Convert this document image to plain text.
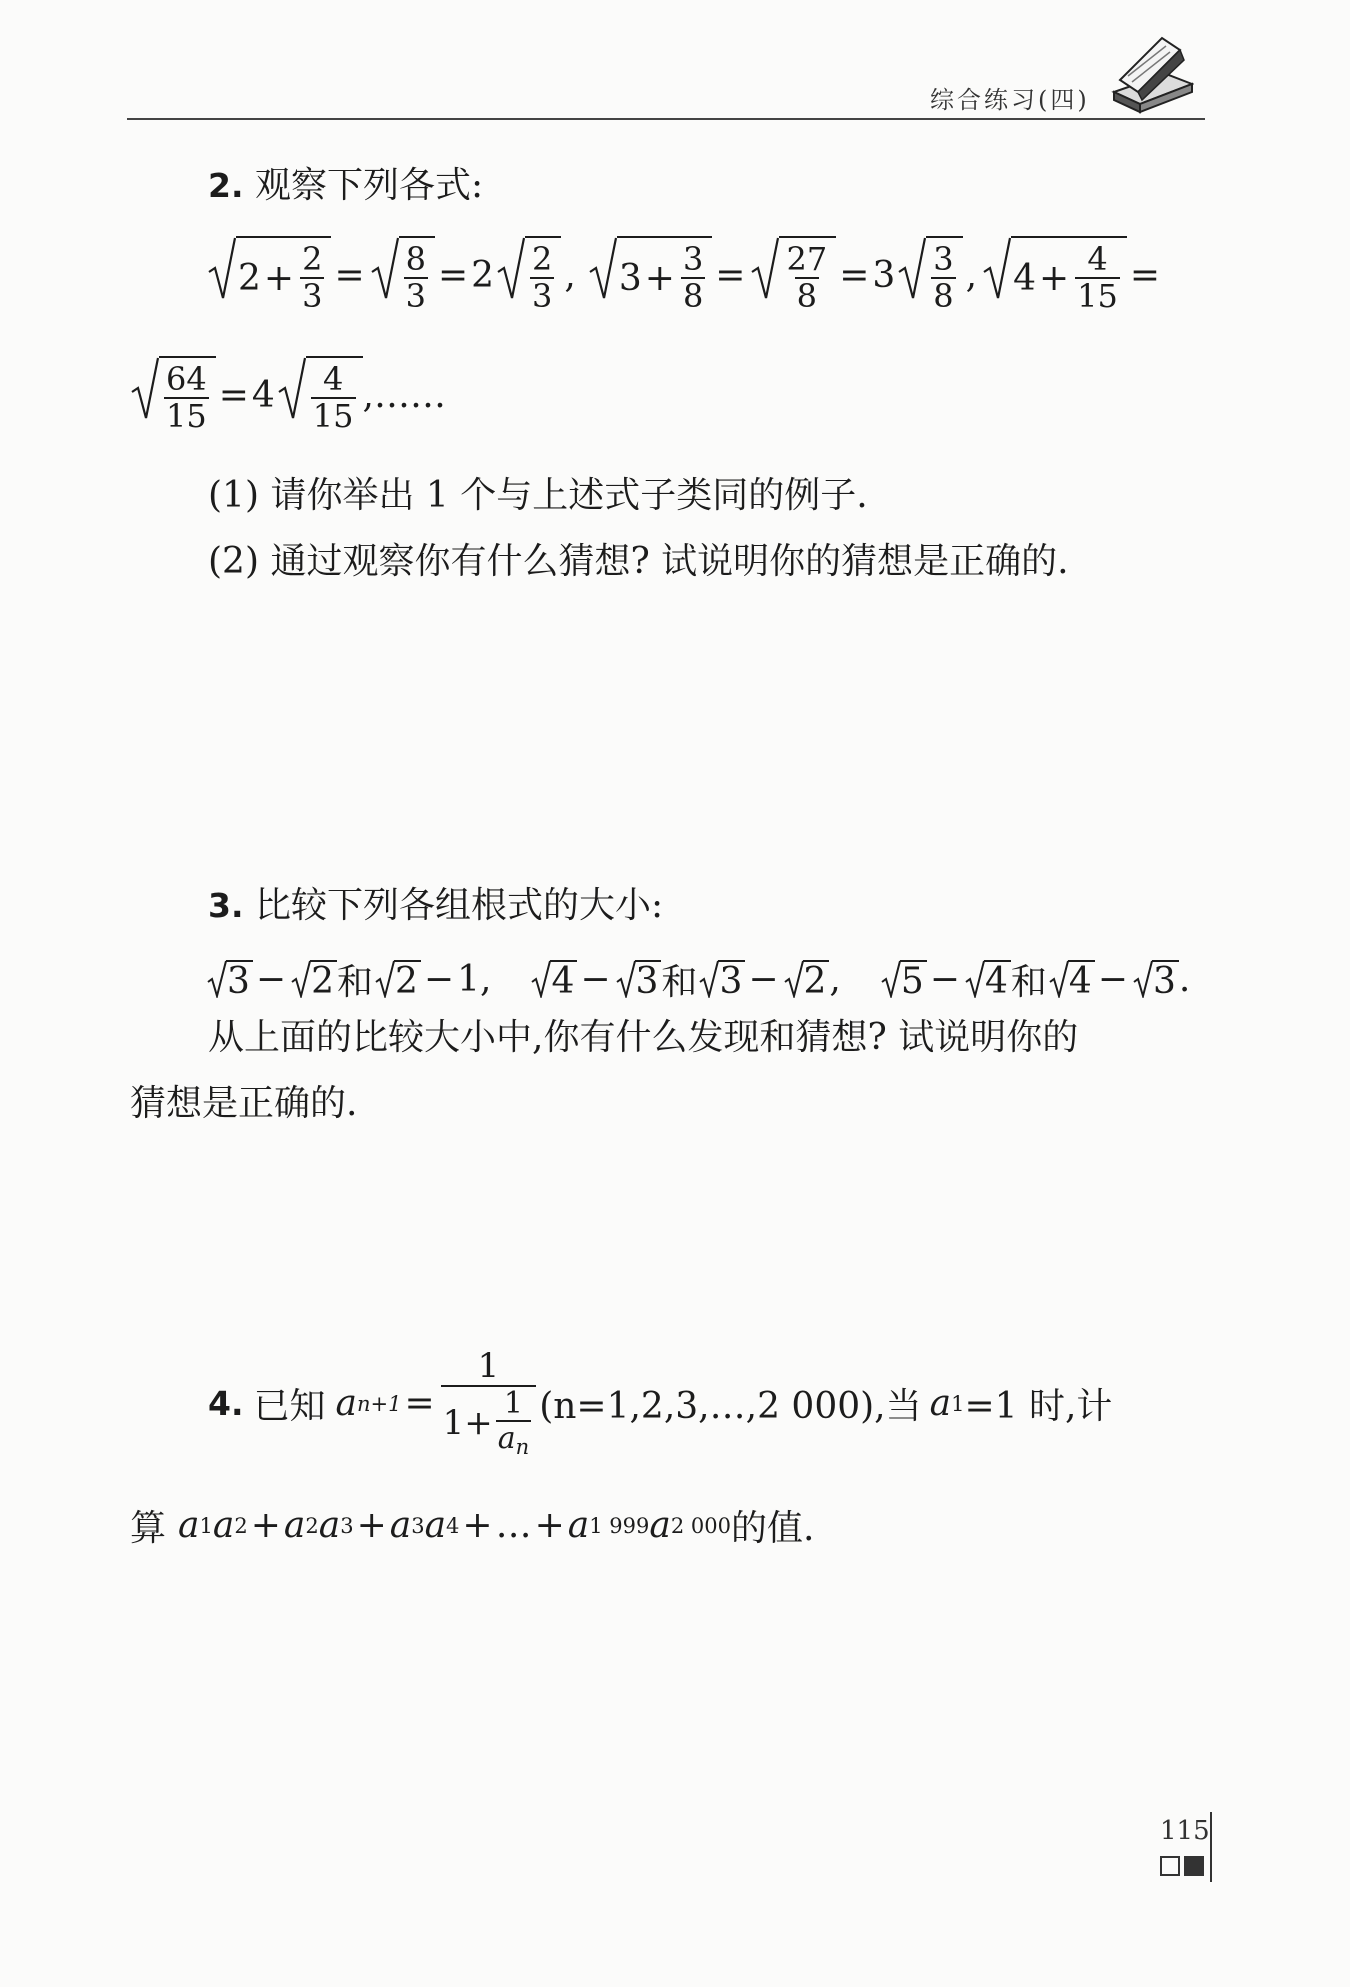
综合练习(四)
2. 观察下列各式:
$2 + \frac{2}{3} = \frac{8}{3} = 2 \frac{2}{3}$ , $3 + \frac{3}{8} = \frac{27}{8} = 3 \frac{3}{8}$ , $4 + \frac{4}{15}$ =
$\frac{64}{15} = 4 \frac{4}{15}$ ,……
(1) 请你举出 1 个与上述式子类同的例子.
(2) 通过观察你有什么猜想? 试说明你的猜想是正确的.
3. 比较下列各组根式的大小:
3 − 2 和 2 − 1 ,	4 − 3 和 3 − 2 ,	5 − 4 和 4 − 3 .
从上面的比较大小中,你有什么发现和猜想? 试说明你的
猜想是正确的.
4. 已知 a $n+1 = \frac{1}{1+ \frac{1}{a_n}}$ (n=1,2,3,…,2 000),当 a 1 =1 时,计
算 a 1 a 2 + a 2 a 3 + a 3 a 4 + … + a 1 999 a 2 000 的值.
115
